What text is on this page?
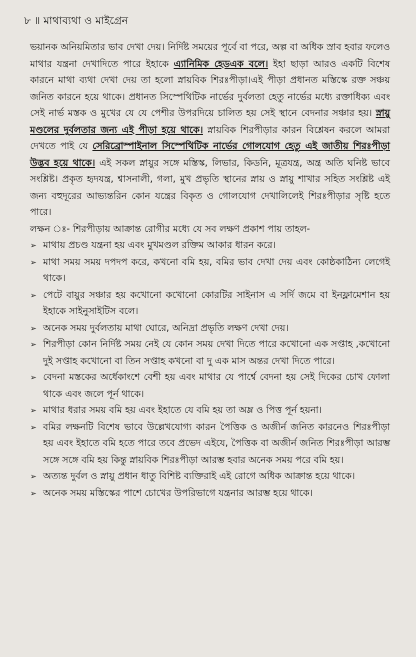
৮ ॥ মাথাব্যথা ও মাইগ্রেন

ভয়ানক অনিয়মিতার ভাব দেখা দেয়। নির্দিষ্ট সময়ের পূর্বে বা পরে, অল্প বা অধিক স্রাব হবার ফলেও মাথার যন্ত্রনা দেখাদিতে পারে ইহাকে এ্যানিমিক হেডএক বলে। ইহা ছাড়া আরও একটি বিশেষ কারনে মাথা ব্যথা দেখা দেয় তা হলো স্নায়বিক শিরঃপীড়া।এই পীড়া প্রধানত মস্তিস্কে রক্ত সঞ্চয় জনিত কারনে হয়ে থাকে। প্রধানত সিস্পেথিটিক নার্ভের দুর্বলতা হেতু নার্ভের মধ্যে রক্তাধিক্য এবং সেই নার্ভ মস্তক ও মুখের যে যে পেশীর উপরদিয়ে চালিত হয় সেই স্থানে বেদনার সঞ্চার হয়। স্নায়ু মণ্ডলের দুর্বলতার জন্য এই পীড়া হয়ে থাকে। স্নায়বিক শিরপীড়ার কারন বিশ্লেষন করলে আমরা দেখতে পাই যে সেরিব্রোস্পাইনাল সিস্পেথিটিক নার্ভের গোলযোগ হেতু এই জাতীয় শিরঃপীড়া উদ্ভব হয়ে থাকে। এই সকল স্নায়ুর সঙ্গে মস্তিস্ক, লিভার, কিডনি, মূত্রযন্ত্র, অন্ত্র অতি ঘনিষ্ট ভাবে সংশ্লিষ্ট। প্রকৃত হৃদযন্ত্র, শ্বাসনালী, গলা, মুখ প্রভৃতি স্থানের স্নায় ও স্নায়ু শাখার সহিত সংশ্লিষ্ট এই জন্য বহুদূরের আভ্যন্তরিন কোন যন্ত্রের বিকৃত ও গোলযোগ দেখালিলেই শিরঃপীড়ার সৃষ্টি হতে পারে।

লক্ষন ঃ- শিরপীড়ায় আক্রান্ত রোগীর মধ্যে যে সব লক্ষণ প্রকাশ পায় তাহল-

➢ মাথায় প্রচণ্ড যন্ত্রনা হয় এবং মুখমণ্ডল রক্তিম আকার ধারন করে।
➢ মাথা সময় সময় দপদপ করে, কখনো বমি হয়, বমির ভাব দেখা দেয় এবং কোষ্ঠকাঠিন্য লেগেই থাকে।
➢ পেটে বায়ুর সঞ্চার হয় কখোনো কখোনো কোরটির সাইনাস এ সর্দি জমে বা ইনফ্লামেশান হয় ইহাকে সাইনুসাইটিস বলে।
➢ অনেক সময় দুর্বলতায় মাথা ঘোরে, অনিদ্রা প্রভৃতি লক্ষণ দেখা দেয়।
➢ শিরপীড়া কোন নির্দিষ্ট সময় নেই যে কোন সময় দেখা দিতে পারে কখোনো এক সপ্তাহ ,কখোনো দুই সপ্তাহ কখোনো বা তিন সপ্তাহ কখনো বা দু এক মাস অন্তর দেখা দিতে পারে।
➢ বেদনা মস্তকের অর্ধেকাংশে বেশী হয় এবং মাথার যে পার্শ্বে বেদনা হয় সেই দিকের চোখ ফোলা থাকে এবং জলে পূর্ন থাকে।
➢ মাথার ধরার সময় বমি হয় এবং ইহাতে যে বমি হয় তা অম্ল ও পিত্ত পূর্ন হয়না।
➢ বমির লক্ষনটি বিশেষ ভাবে উল্লেখযোগ্য কারন পৈত্তিক ও অজীর্ন জনিত কারনেও শিরঃপীড়া হয় এবং ইহাতে বমি হতে পারে তবে প্রভেদ এইযে, পৈত্তিক বা অজীর্ন জনিত শিরঃপীড়া আরম্ভ সঙ্গে সঙ্গে বমি হয় কিন্তু স্নায়বিক শিরঃপীড়া আরম্ভ হবার অনেক সময় পরে বমি হয়।
➢ অত্যন্ত দুর্বল ও স্নায়ু প্রধান ধাতু বিশিষ্ট ব্যক্তিরাই এই রোগে অধিক আক্রান্ত হয়ে থাকে।
➢ অনেক সময় মস্তিস্কের পাশে চোখের উপরিভাগে যন্ত্রনার আরম্ভ হয়ে থাকে।
